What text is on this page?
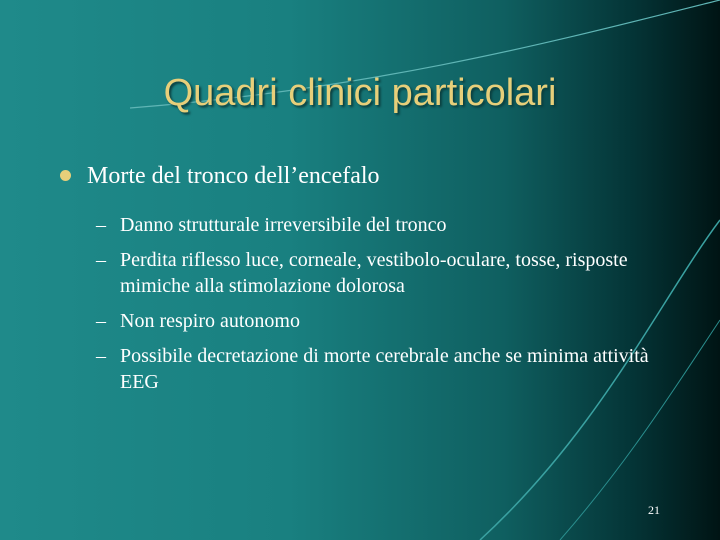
Quadri clinici particolari
Morte del tronco dell’encefalo
– Danno strutturale irreversibile del tronco
– Perdita riflesso luce, corneale, vestibolo-oculare, tosse, risposte mimiche alla stimolazione dolorosa
– Non respiro autonomo
– Possibile decretazione di morte cerebrale anche se minima attività EEG
21
